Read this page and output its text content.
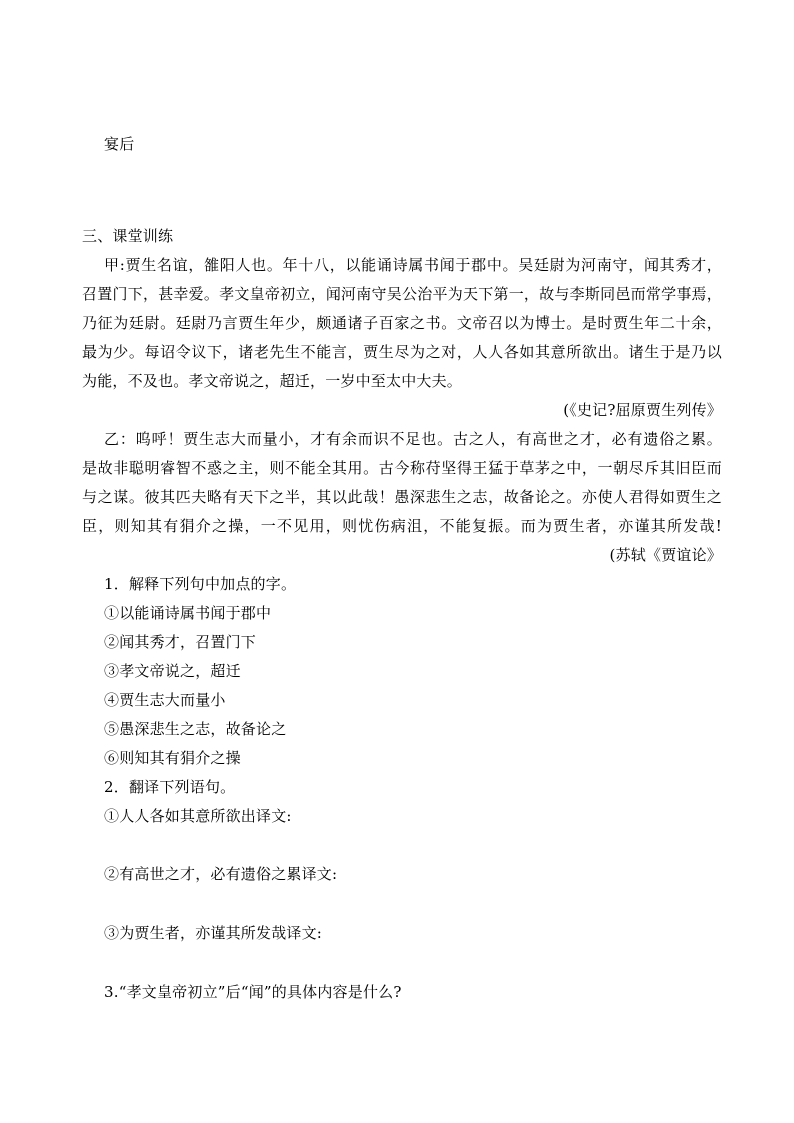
宴后
三、课堂训练
甲:贾生名谊，雒阳人也。年十八，以能诵诗属书闻于郡中。吴廷尉为河南守，闻其秀才，
召置门下，甚幸爱。孝文皇帝初立，闻河南守吴公治平为天下第一，故与李斯同邑而常学事焉，
乃征为廷尉。廷尉乃言贾生年少，颇通诸子百家之书。文帝召以为博士。是时贾生年二十余，
最为少。每诏令议下，诸老先生不能言，贾生尽为之对，人人各如其意所欲出。诸生于是乃以
为能，不及也。孝文帝说之，超迁，一岁中至太中大夫。
(《史记?屈原贾生列传》
乙：呜呼！贾生志大而量小，才有余而识不足也。古之人，有高世之才，必有遗俗之累。
是故非聪明睿智不惑之主，则不能全其用。古今称苻坚得王猛于草茅之中，一朝尽斥其旧臣而
与之谋。彼其匹夫略有天下之半，其以此哉！愚深悲生之志，故备论之。亦使人君得如贾生之
臣，则知其有狷介之操，一不见用，则忧伤病沮，不能复振。而为贾生者，亦谨其所发哉!
(苏轼《贾谊论》
1．解释下列句中加点的字。
①以能诵诗属书闻于郡中
②闻其秀才，召置门下
③孝文帝说之，超迁
④贾生志大而量小
⑤愚深悲生之志，故备论之
⑥则知其有狷介之操
2．翻译下列语句。
①人人各如其意所欲出译文:
②有高世之才，必有遗俗之累译文:
③为贾生者，亦谨其所发哉译文:
3.“孝文皇帝初立”后“闻”的具体内容是什么?
